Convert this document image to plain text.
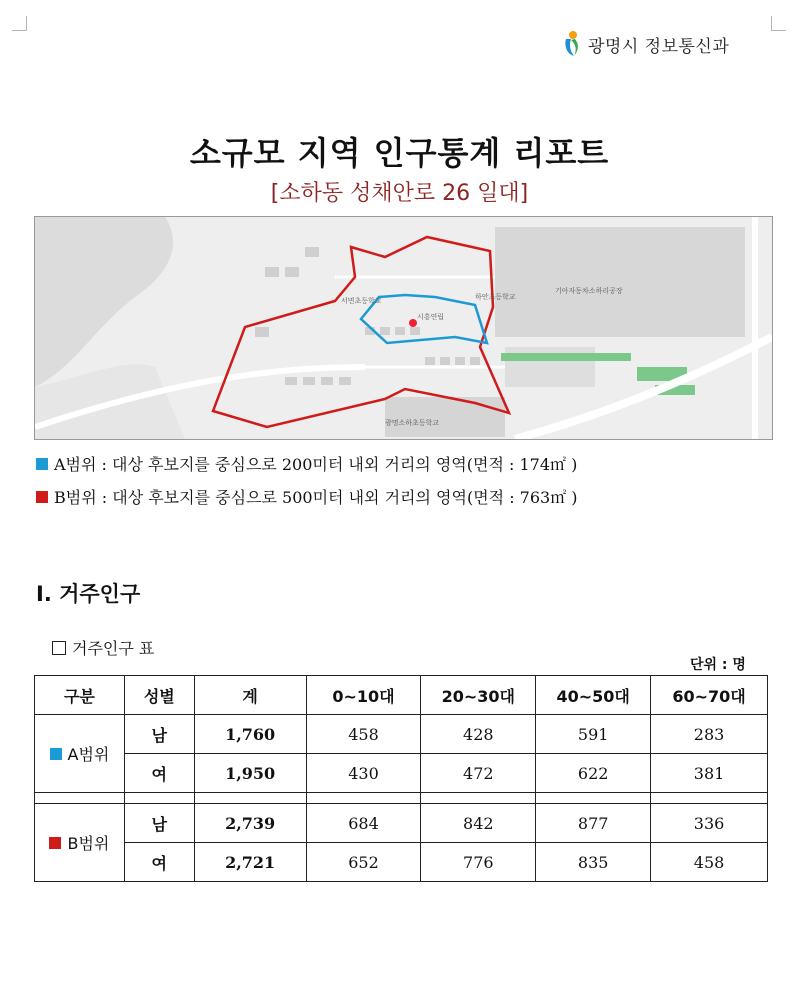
광명시 정보통신과
소규모 지역 인구통계 리포트
[소하동 성채안로 26 일대]
서면초등학교	하안초등학교
기아자동차소하리공장
광명소하초등학교
시흥연립
A범위 : 대상 후보지를 중심으로 200미터 내외 거리의 영역(면적 : 174㎡ )
B범위 : 대상 후보지를 중심으로 500미터 내외 거리의 영역(면적 : 763㎡ )
Ⅰ. 거주인구
거주인구 표
단위 : 명
구분	성별	계	0~10대	20~30대	40~50대	60~70대

A범위	남	1,760	458	428	591	283
	여	1,950	430	472	622	381

B범위	남	2,739	684	842	877	336
	여	2,721	652	776	835	458
